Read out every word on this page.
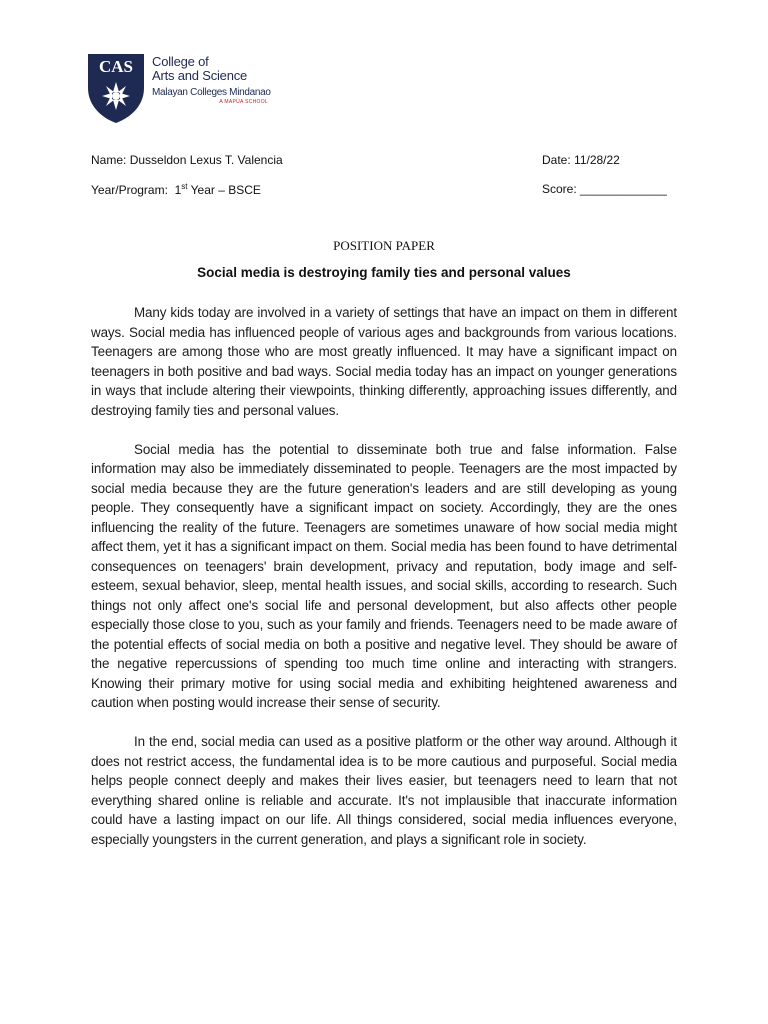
CAS College of
Arts and Science
Malayan Colleges Mindanao
A MAPÚA SCHOOL
Name: Dusseldon Lexus T. Valencia	Date: 11/28/22
Year/Program: 1st Year – BSCE	Score: _____________
POSITION PAPER
Social media is destroying family ties and personal values

Many kids today are involved in a variety of settings that have an impact on them in different ways. Social media has influenced people of various ages and backgrounds from various locations. Teenagers are among those who are most greatly influenced. It may have a significant impact on teenagers in both positive and bad ways. Social media today has an impact on younger generations in ways that include altering their viewpoints, thinking differently, approaching issues differently, and destroying family ties and personal values.

Social media has the potential to disseminate both true and false information. False information may also be immediately disseminated to people. Teenagers are the most impacted by social media because they are the future generation's leaders and are still developing as young people. They consequently have a significant impact on society. Accordingly, they are the ones influencing the reality of the future. Teenagers are sometimes unaware of how social media might affect them, yet it has a significant impact on them. Social media has been found to have detrimental consequences on teenagers' brain development, privacy and reputation, body image and self-esteem, sexual behavior, sleep, mental health issues, and social skills, according to research. Such things not only affect one's social life and personal development, but also affects other people especially those close to you, such as your family and friends. Teenagers need to be made aware of the potential effects of social media on both a positive and negative level. They should be aware of the negative repercussions of spending too much time online and interacting with strangers. Knowing their primary motive for using social media and exhibiting heightened awareness and caution when posting would increase their sense of security.

In the end, social media can used as a positive platform or the other way around. Although it does not restrict access, the fundamental idea is to be more cautious and purposeful. Social media helps people connect deeply and makes their lives easier, but teenagers need to learn that not everything shared online is reliable and accurate. It's not implausible that inaccurate information could have a lasting impact on our life. All things considered, social media influences everyone, especially youngsters in the current generation, and plays a significant role in society.
